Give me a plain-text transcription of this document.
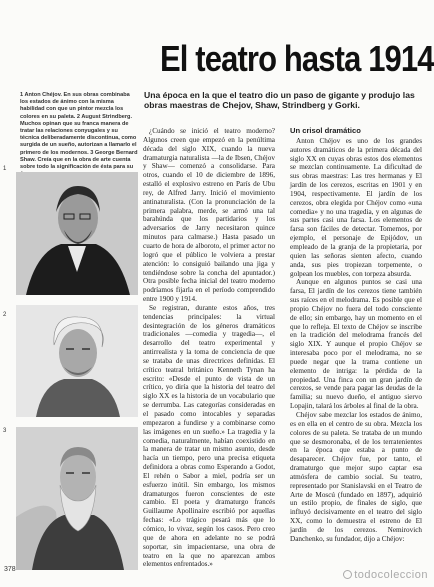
El teatro hasta 1914
Una época en la que el teatro dio un paso de gigante y produjo las obras maestras de Chejov, Shaw, Strindberg y Gorki.
1 Anton Chéjov. En sus obras combinaba los estados de ánimo con la misma habilidad con que un pintor mezcla los colores en su paleta. 2 August Strindberg. Muchos opinan que su franca manera de tratar las relaciones conyugales y su técnica deliberadamente discontinua, como surgida de un sueño, autorizan a llamarlo el primero de los modernos. 3 George Bernard Shaw. Creía que en la obra de arte cuenta sobre todo la significación de ésta para su
1
2
3

¿Cuándo se inició el teatro moderno? Algunos creen que empezó en la penúltima década del siglo XIX, cuando la nueva dramaturgia naturalista —la de Ibsen, Chéjov y Shaw— comenzó a consolidarse. Para otros, cuando el 10 de diciembre de 1896, estalló el explosivo estreno en París de Ubu rey, de Alfred Jarry. Inició el movimiento antinaturalista. (Con la pronunciación de la primera palabra, merde, se armó una tal barahúnda que los partidarios y los adversarios de Jarry necesitaron quince minutos para calmarse.) Hasta pasado un cuarto de hora de alboroto, el primer actor no logró que el público le volviera a prestar atención: lo consiguió bailando una jiga y tendiéndose sobre la concha del apuntador.) Otra posible fecha inicial del teatro moderno podríamos fijarla en el período comprendido entre 1900 y 1914.

Se registran, durante estos años, tres tendencias principales: la virtual desintegración de los géneros dramáticos tradicionales —comedia y tragedia—, el desarrollo del teatro experimental y antirrealista y la toma de conciencia de que se trataba de unas directrices definidas. El crítico teatral británico Kenneth Tynan ha escrito: «Desde el punto de vista de un crítico, yo diría que la historia del teatro del siglo XX es la historia de un vocabulario que se derrumba. Las categorías consideradas en el pasado como intocables y separadas empezaron a fundirse y a combinarse como las imágenes en un sueño.» La tragedia y la comedia, naturalmente, habían coexistido en la manera de tratar un mismo asunto, desde hacía un tiempo, pero una precisa etiqueta definidora a obras como Esperando a Godot, El rehén o Sabor a miel, podría ser un esfuerzo inútil. Sin embargo, los mismos dramaturgos fueron conscientes de este cambio. El poeta y dramaturgo francés Guillaume Apollinaire escribió por aquellas fechas: «Lo trágico pesará más que lo cómico, lo vivaz, según los casos. Pero creo que de ahora en adelante no se podrá soportar, sin impacientarse, una obra de teatro en la que no aparezcan ambos elementos enfrentados.»

Un crisol dramático

Anton Chéjov es uno de los grandes autores dramáticos de la primera década del siglo XX en cuyas obras estos dos elementos se mezclan continuamente. La dificultad de sus obras maestras: Las tres hermanas y El jardín de los cerezos, escritas en 1901 y en 1904, respectivamente. El jardín de los cerezos, obra elegida por Chéjov como «una comedia» y no una tragedia, y en algunas de sus partes casi una farsa. Los elementos de farsa son fáciles de detectar. Tomemos, por ejemplo, el personaje de Epijódov, un empleado de la granja de la propietaria, por quien las señoras sienten afecto, cuando anda, sus pies tropiezan torpemente, o golpean los muebles, con torpeza absurda.

Aunque en algunos puntos se casi una farsa, El jardín de los cerezos tiene también sus raíces en el melodrama. Es posible que el propio Chéjov no fuera del todo consciente de ello; sin embargo, hay un momento en el que lo refleja. El texto de Chéjov se inscribe en la tradición del melodrama francés del siglo XIX. Y aunque el propio Chéjov se interesaba poco por el melodrama, no se puede negar que la trama contiene un elemento de intriga: la pérdida de la propiedad. Una finca con un gran jardín de cerezos, se vende para pagar las deudas de la familia; su nuevo dueño, el antiguo siervo Lopajin, talará los árboles al final de la obra.

Chéjov sabe mezclar los estados de ánimo, es en ella en el centro de su obra. Mezcla los colores de su paleta. Se trataba de un mundo que se desmoronaba, el de los terratenientes en la época que estaba a punto de desaparecer. Chéjov fue, por tanto, el dramaturgo que mejor supo captar esa atmósfera de cambio social. Su teatro, representado por Stanislavski en el Teatro de Arte de Moscú (fundado en 1897), adquirió un estilo propio, de finales de siglo, que influyó decisivamente en el teatro del siglo XX, como lo demuestra el estreno de El jardín de los cerezos. Nemirovich Danchenko, su fundador, dijo a Chéjov:

378	todocoleccion
